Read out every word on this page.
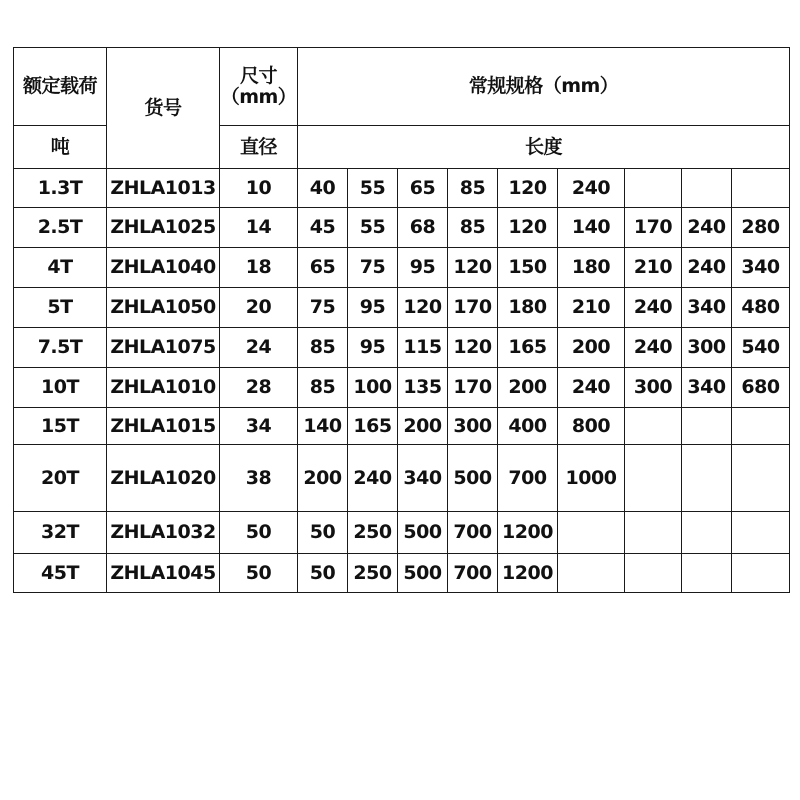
额定载荷	货号	尺寸
（mm）	常规规格（mm）								
吨		直径	长度								
1.3T	ZHLA1013	10	40	55	65	85	120	240			
2.5T	ZHLA1025	14	45	55	68	85	120	140	170	240	280
4T	ZHLA1040	18	65	75	95	120	150	180	210	240	340
5T	ZHLA1050	20	75	95	120	170	180	210	240	340	480
7.5T	ZHLA1075	24	85	95	115	120	165	200	240	300	540
10T	ZHLA1010	28	85	100	135	170	200	240	300	340	680
15T	ZHLA1015	34	140	165	200	300	400	800			
20T	ZHLA1020	38	200	240	340	500	700	1000			
32T	ZHLA1032	50	50	250	500	700	1200				
45T	ZHLA1045	50	50	250	500	700	1200				
